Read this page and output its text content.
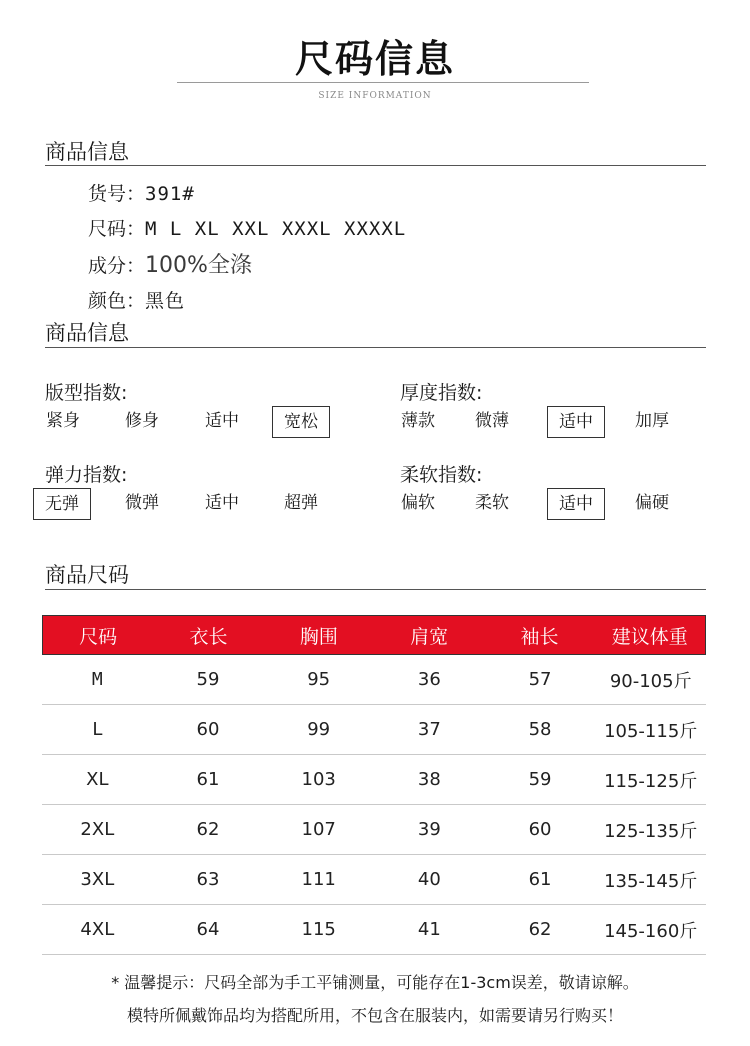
尺码信息
SIZE INFORMATION
商品信息
货号：391#
尺码：M L XL XXL XXXL XXXXL
成分：100%全涤
颜色：黑色
商品信息
版型指数:
紧身	修身	适中	宽松
厚度指数:
薄款 微薄	适中	加厚
弹力指数:
无弹	微弹	适中	超弹
柔软指数:
偏软 柔软	适中	偏硬
商品尺码
尺码	衣长	胸围	肩宽	袖长	建议体重
M	59	95	36	57	90-105斤
L	60	99	37	58	105-115斤
XL	61	103	38	59	115-125斤
2XL	62	107	39	60	125-135斤
3XL	63	111	40	61	135-145斤
4XL	64	115	41	62	145-160斤
* 温馨提示：尺码全部为手工平铺测量，可能存在1-3cm误差，敬请谅解。
模特所佩戴饰品均为搭配所用，不包含在服装内，如需要请另行购买！
